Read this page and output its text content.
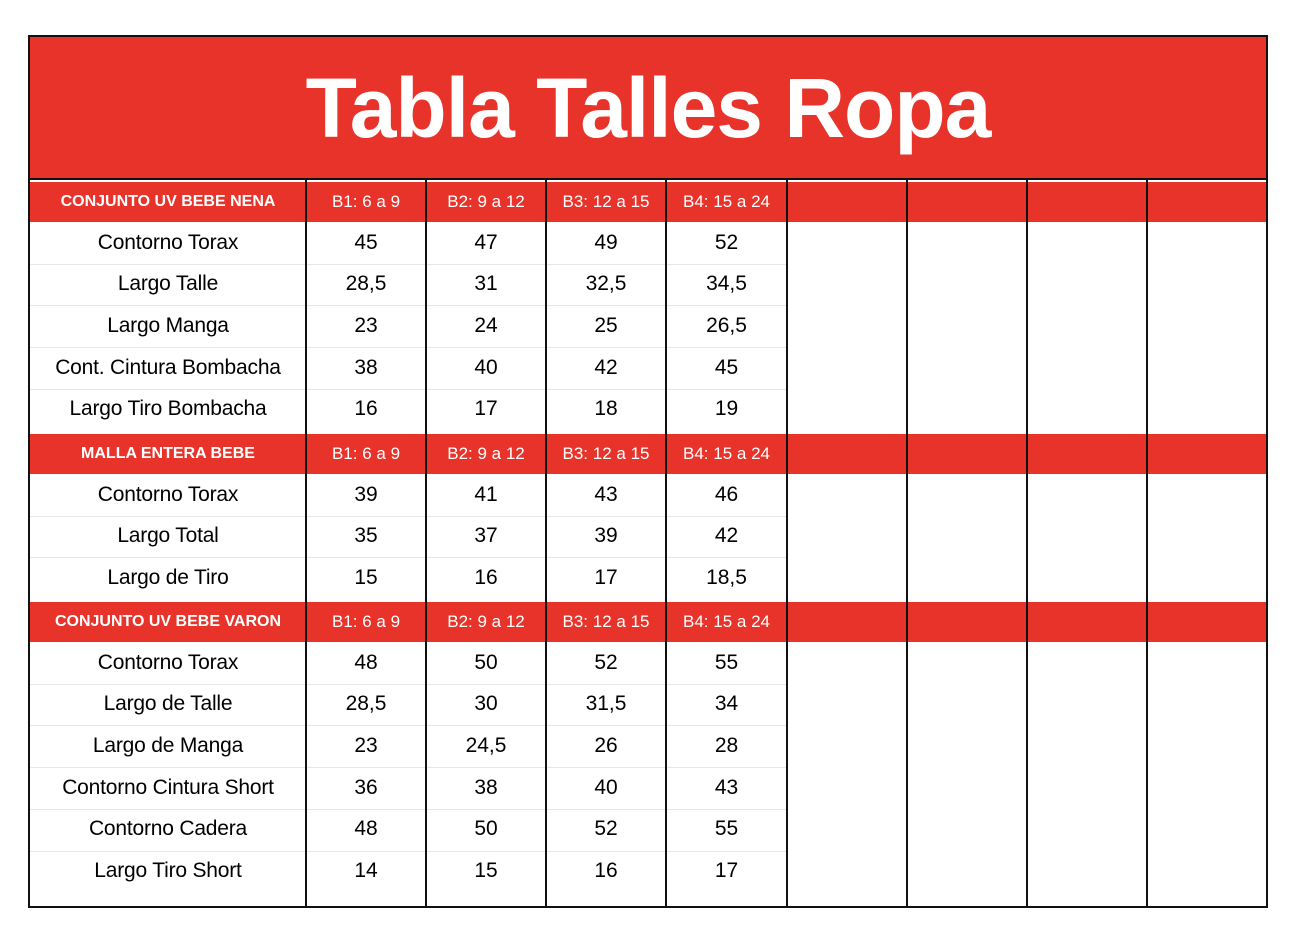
Tabla Talles Ropa
CONJUNTO UV BEBE NENA	B1: 6 a 9	B2: 9 a 12	B3: 12 a 15	B4: 15 a 24
Contorno Torax	45	47	49	52
Largo Talle	28,5	31	32,5	34,5
Largo Manga	23	24	25	26,5
Cont. Cintura Bombacha	38	40	42	45
Largo Tiro Bombacha	16	17	18	19
MALLA ENTERA BEBE	B1: 6 a 9	B2: 9 a 12	B3: 12 a 15	B4: 15 a 24
Contorno Torax	39	41	43	46
Largo Total	35	37	39	42
Largo de Tiro	15	16	17	18,5
CONJUNTO UV BEBE VARON	B1: 6 a 9	B2: 9 a 12	B3: 12 a 15	B4: 15 a 24
Contorno Torax	48	50	52	55
Largo de Talle	28,5	30	31,5	34
Largo de Manga	23	24,5	26	28
Contorno Cintura Short	36	38	40	43
Contorno Cadera	48	50	52	55
Largo Tiro Short	14	15	16	17
